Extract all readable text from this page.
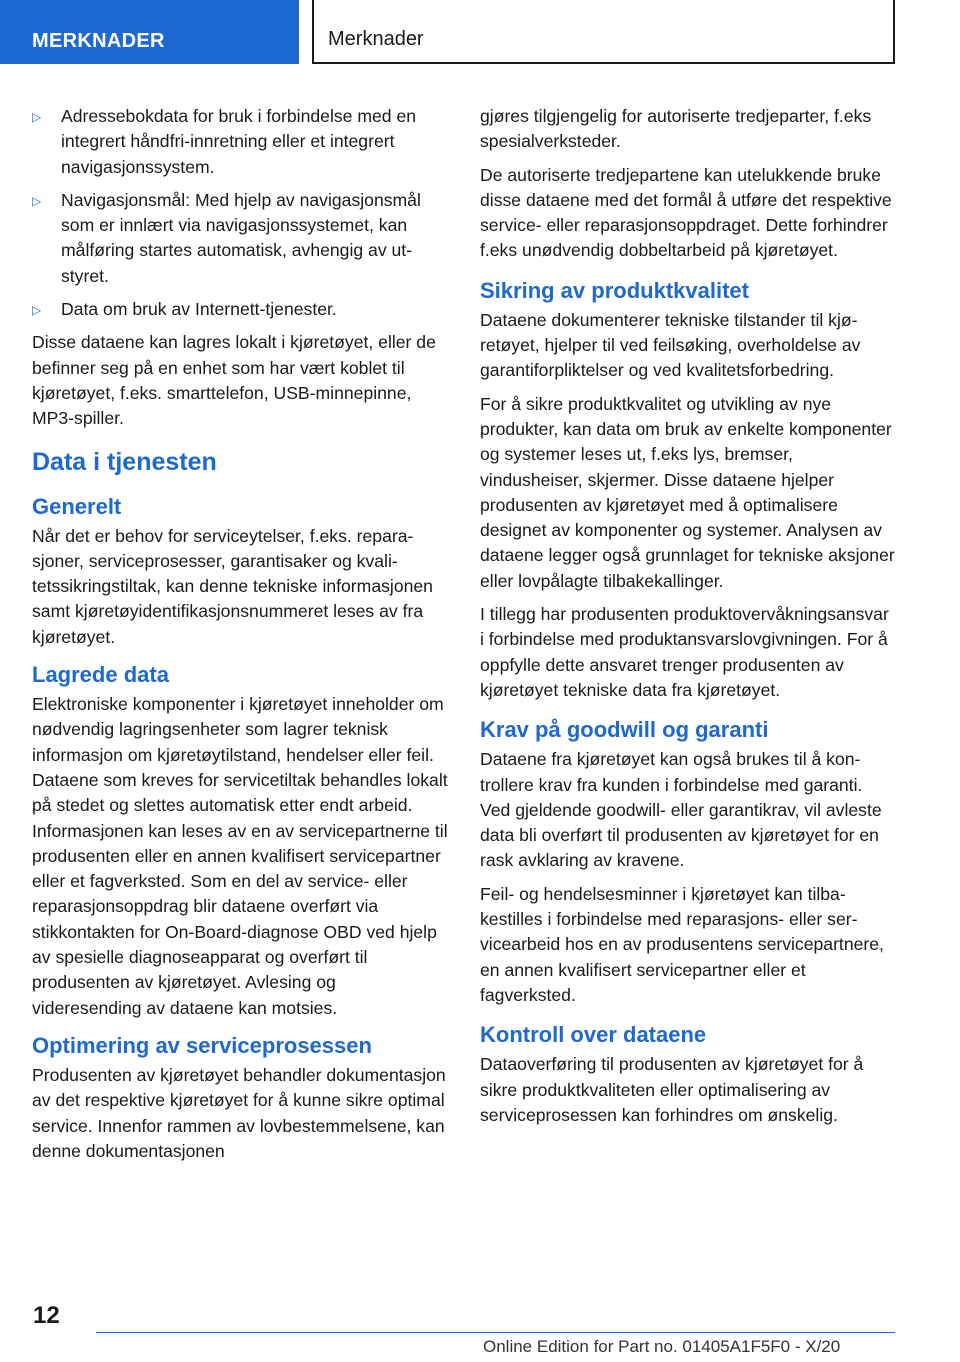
MERKNADER	Merknader
▷ Adressebokdata for bruk i forbindelse med en integrert håndfri-innretning eller et integrert navigasjonssystem.
▷ Navigasjonsmål: Med hjelp av navigasjonsmål som er innlært via navigasjonssystemet, kan målføring startes automatisk, avhengig av utstyret.
▷ Data om bruk av Internett-tjenester.

Disse dataene kan lagres lokalt i kjøretøyet, eller de befinner seg på en enhet som har vært koblet til kjøretøyet, f.eks. smarttelefon, USB-minnepinne, MP3-spiller.

Data i tjenesten
Generelt

Når det er behov for serviceytelser, f.eks. reparasjoner, serviceprosesser, garantisaker og kvalitetssikringstiltak, kan denne tekniske informasjonen samt kjøretøyidentifikasjonsnummeret leses av fra kjøretøyet.

Lagrede data

Elektroniske komponenter i kjøretøyet inneholder om nødvendig lagringsenheter som lagrer teknisk informasjon om kjøretøytilstand, hendelser eller feil. Dataene som kreves for servicetiltak behandles lokalt på stedet og slettes automatisk etter endt arbeid. Informasjonen kan leses av en av servicepartnerne til produsenten eller en annen kvalifisert servicepartner eller et fagverksted. Som en del av service- eller reparasjonsoppdrag blir dataene overført via stikkontakten for On-Board-diagnose OBD ved hjelp av spesielle diagnoseapparat og overført til produsenten av kjøretøyet. Avlesing og videresending av dataene kan motsies.

Optimering av serviceprosessen

Produsenten av kjøretøyet behandler dokumentasjon av det respektive kjøretøyet for å kunne sikre optimal service. Innenfor rammen av lovbestemmelsene, kan denne dokumentasjonen

gjøres tilgjengelig for autoriserte tredjeparter, f.eks spesialverksteder.

De autoriserte tredjepartene kan utelukkende bruke disse dataene med det formål å utføre det respektive service- eller reparasjonsoppdraget. Dette forhindrer f.eks unødvendig dobbeltarbeid på kjøretøyet.

Sikring av produktkvalitet

Dataene dokumenterer tekniske tilstander til kjøretøyet, hjelper til ved feilsøking, overholdelse av garantiforpliktelser og ved kvalitetsforbedring.

For å sikre produktkvalitet og utvikling av nye produkter, kan data om bruk av enkelte komponenter og systemer leses ut, f.eks lys, bremser, vindusheiser, skjermer. Disse dataene hjelper produsenten av kjøretøyet med å optimalisere designet av komponenter og systemer. Analysen av dataene legger også grunnlaget for tekniske aksjoner eller lovpålagte tilbakekallinger.

I tillegg har produsenten produktovervåkningsansvar i forbindelse med produktansvarslovgivningen. For å oppfylle dette ansvaret trenger produsenten av kjøretøyet tekniske data fra kjøretøyet.

Krav på goodwill og garanti

Dataene fra kjøretøyet kan også brukes til å kontrollere krav fra kunden i forbindelse med garanti. Ved gjeldende goodwill- eller garantikrav, vil avleste data bli overført til produsenten av kjøretøyet for en rask avklaring av kravene.

Feil- og hendelsesminner i kjøretøyet kan tilbakestilles i forbindelse med reparasjons- eller servicearbeid hos en av produsentens servicepartnere, en annen kvalifisert servicepartner eller et fagverksted.

Kontroll over dataene

Dataoverføring til produsenten av kjøretøyet for å sikre produktkvaliteten eller optimalisering av serviceprosessen kan forhindres om ønskelig.

12
Online Edition for Part no. 01405A1F5F0 - X/20
